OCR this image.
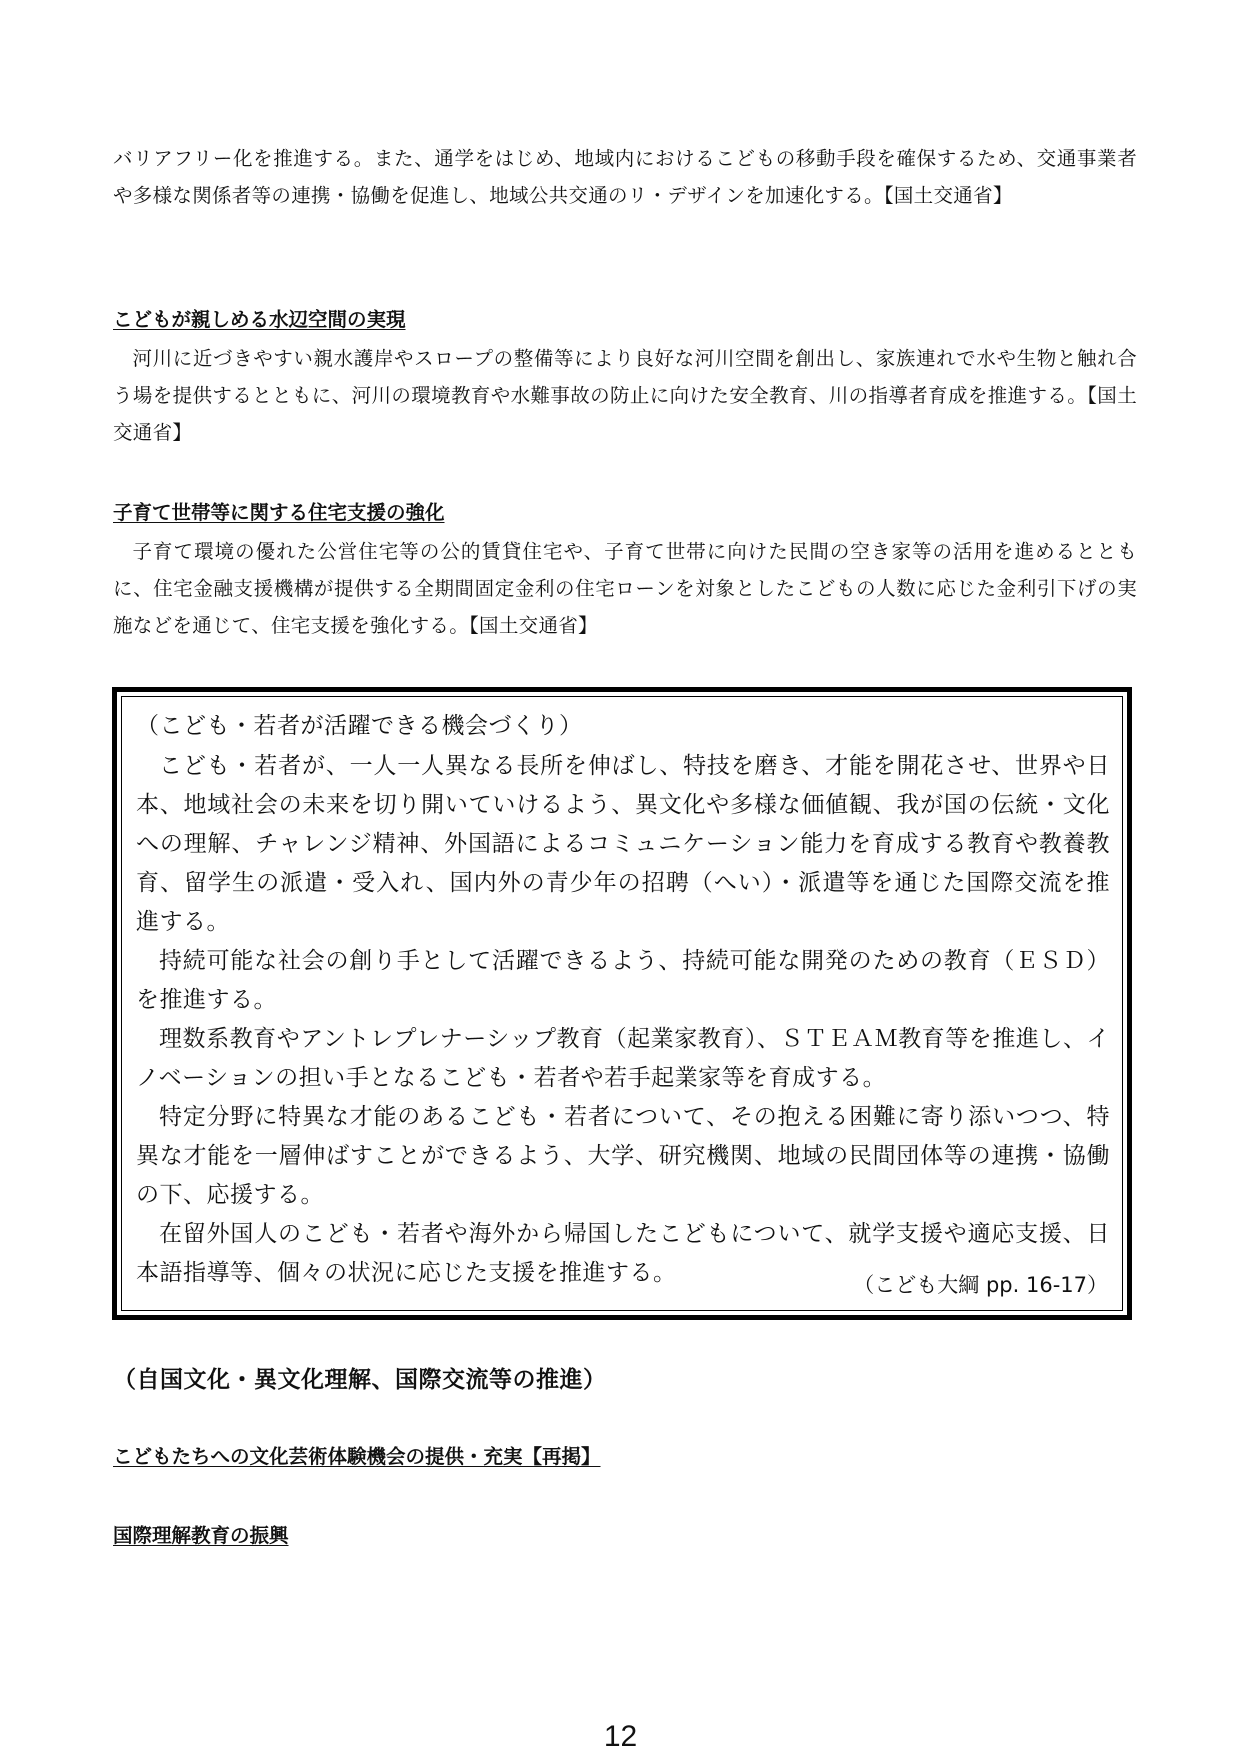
バリアフリー化を推進する。また、通学をはじめ、地域内におけるこどもの移動手段を確保するため、交通事業者や多様な関係者等の連携・協働を促進し、地域公共交通のリ・デザインを加速化する。【国土交通省】

こどもが親しめる水辺空間の実現

河川に近づきやすい親水護岸やスロープの整備等により良好な河川空間を創出し、家族連れで水や生物と触れ合う場を提供するとともに、河川の環境教育や水難事故の防止に向けた安全教育、川の指導者育成を推進する。【国土交通省】

子育て世帯等に関する住宅支援の強化

子育て環境の優れた公営住宅等の公的賃貸住宅や、子育て世帯に向けた民間の空き家等の活用を進めるとともに、住宅金融支援機構が提供する全期間固定金利の住宅ローンを対象としたこどもの人数に応じた金利引下げの実施などを通じて、住宅支援を強化する。【国土交通省】

（こども・若者が活躍できる機会づくり）

こども・若者が、一人一人異なる長所を伸ばし、特技を磨き、才能を開花させ、世界や日本、地域社会の未来を切り開いていけるよう、異文化や多様な価値観、我が国の伝統・文化への理解、チャレンジ精神、外国語によるコミュニケーション能力を育成する教育や教養教育、留学生の派遣・受入れ、国内外の青少年の招聘（へい）・派遣等を通じた国際交流を推進する。

持続可能な社会の創り手として活躍できるよう、持続可能な開発のための教育（ＥＳＤ）を推進する。

理数系教育やアントレプレナーシップ教育（起業家教育）、ＳＴＥＡＭ教育等を推進し、イノベーションの担い手となるこども・若者や若手起業家等を育成する。

特定分野に特異な才能のあるこども・若者について、その抱える困難に寄り添いつつ、特異な才能を一層伸ばすことができるよう、大学、研究機関、地域の民間団体等の連携・協働の下、応援する。

在留外国人のこども・若者や海外から帰国したこどもについて、就学支援や適応支援、日本語指導等、個々の状況に応じた支援を推進する。	（こども大綱 pp. 16-17）
（自国文化・異文化理解、国際交流等の推進）
こどもたちへの文化芸術体験機会の提供・充実【再掲】
国際理解教育の振興
12
